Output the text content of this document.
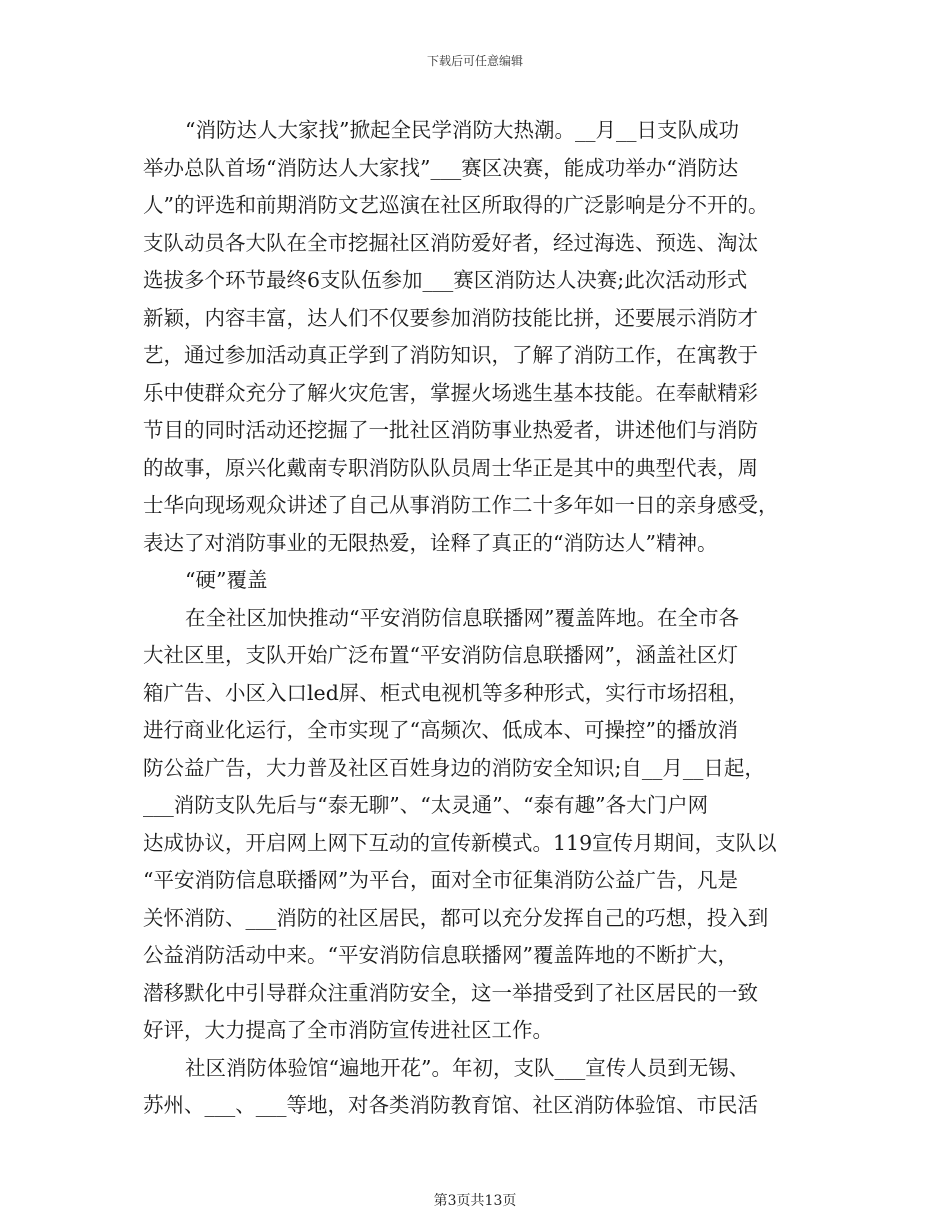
下载后可任意编辑
“消防达人大家找”掀起全民学消防大热潮。__月__日支队成功
举办总队首场“消防达人大家找”___赛区决赛，能成功举办“消防达
人”的评选和前期消防文艺巡演在社区所取得的广泛影响是分不开的。
支队动员各大队在全市挖掘社区消防爱好者，经过海选、预选、淘汰
选拔多个环节最终6支队伍参加___赛区消防达人决赛;此次活动形式
新颖，内容丰富，达人们不仅要参加消防技能比拼，还要展示消防才
艺，通过参加活动真正学到了消防知识，了解了消防工作，在寓教于
乐中使群众充分了解火灾危害，掌握火场逃生基本技能。在奉献精彩
节目的同时活动还挖掘了一批社区消防事业热爱者，讲述他们与消防
的故事，原兴化戴南专职消防队队员周士华正是其中的典型代表，周
士华向现场观众讲述了自己从事消防工作二十多年如一日的亲身感受，
表达了对消防事业的无限热爱，诠释了真正的“消防达人”精神。
“硬”覆盖
在全社区加快推动“平安消防信息联播网”覆盖阵地。在全市各
大社区里，支队开始广泛布置“平安消防信息联播网”，涵盖社区灯
箱广告、小区入口led屏、柜式电视机等多种形式，实行市场招租，
进行商业化运行，全市实现了“高频次、低成本、可操控”的播放消
防公益广告，大力普及社区百姓身边的消防安全知识;自__月__日起，
___消防支队先后与“泰无聊”、“太灵通”、“泰有趣”各大门户网
达成协议，开启网上网下互动的宣传新模式。119宣传月期间，支队以
“平安消防信息联播网”为平台，面对全市征集消防公益广告，凡是
关怀消防、___消防的社区居民，都可以充分发挥自己的巧想，投入到
公益消防活动中来。“平安消防信息联播网”覆盖阵地的不断扩大，
潜移默化中引导群众注重消防安全，这一举措受到了社区居民的一致
好评，大力提高了全市消防宣传进社区工作。
社区消防体验馆“遍地开花”。年初，支队___宣传人员到无锡、
苏州、___、___等地，对各类消防教育馆、社区消防体验馆、市民活
第3页共13页
